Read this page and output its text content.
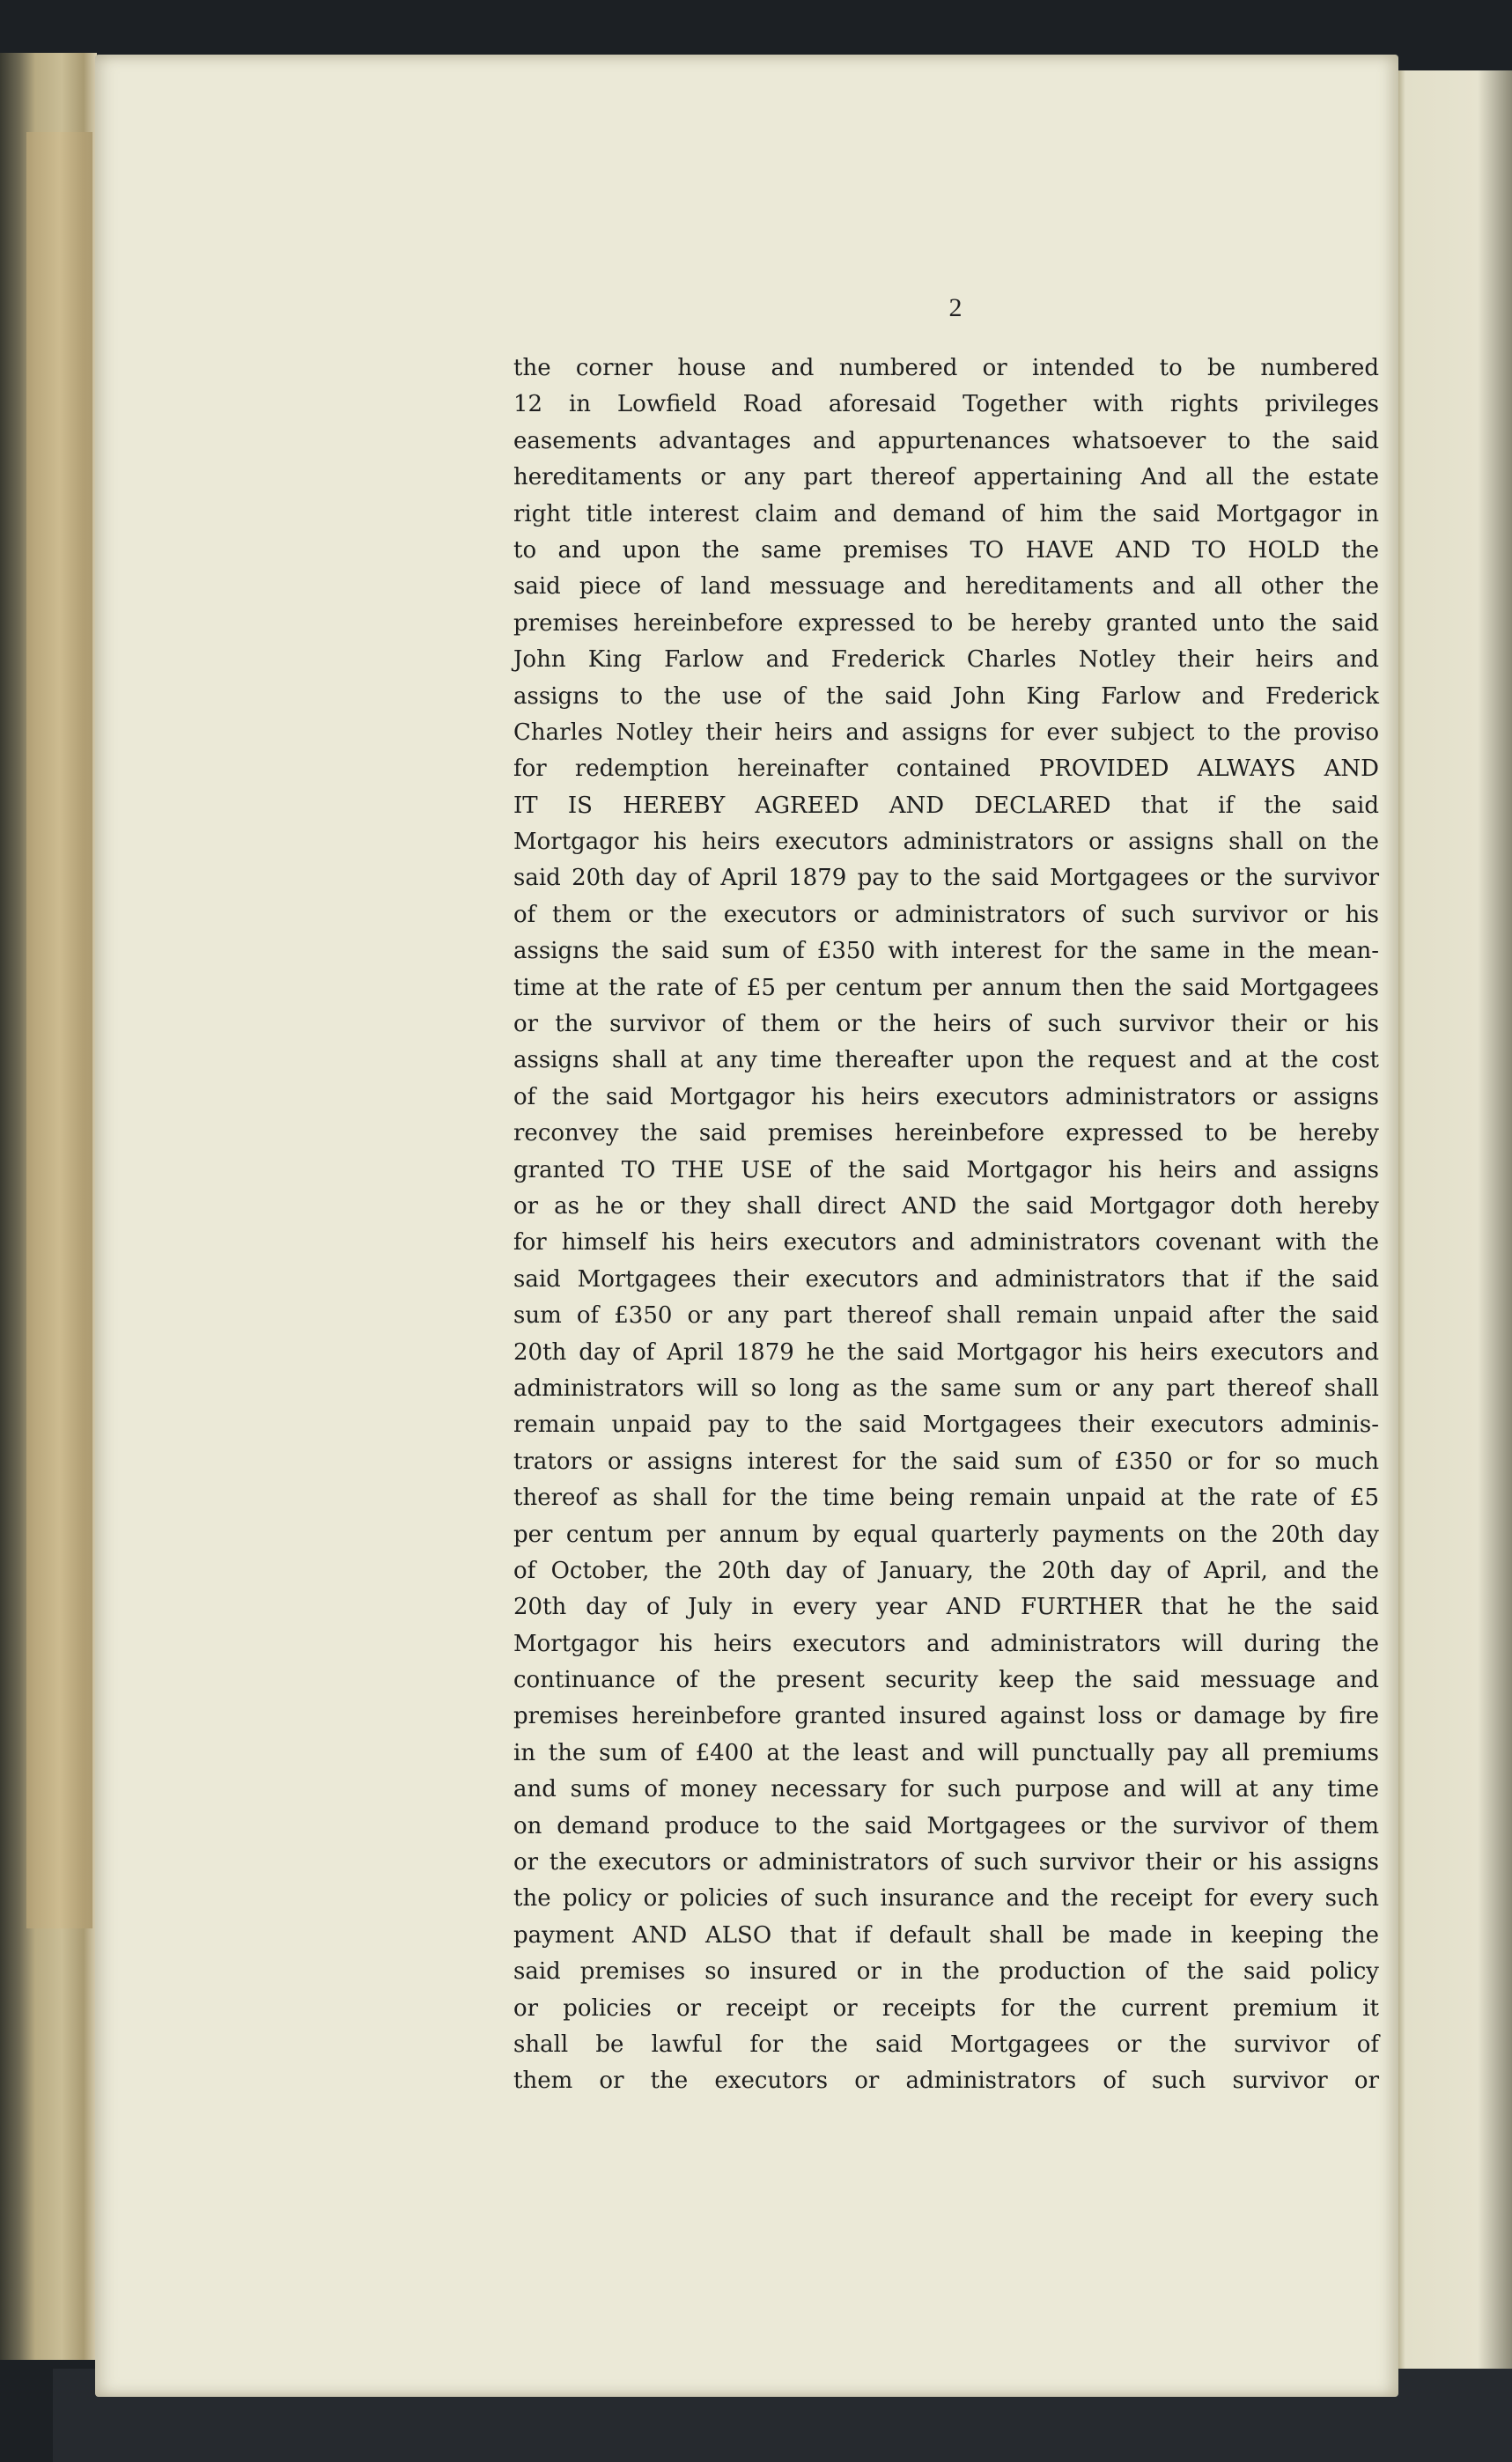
2
the corner house and numbered or intended to be numbered
12 in Lowfield Road aforesaid Together with rights privileges
easements advantages and appurtenances whatsoever to the said
hereditaments or any part thereof appertaining And all the estate
right title interest claim and demand of him the said Mortgagor in
to and upon the same premises TO HAVE AND TO HOLD the
said piece of land messuage and hereditaments and all other the
premises hereinbefore expressed to be hereby granted unto the said
John King Farlow and Frederick Charles Notley their heirs and
assigns to the use of the said John King Farlow and Frederick
Charles Notley their heirs and assigns for ever subject to the proviso
for redemption hereinafter contained PROVIDED ALWAYS AND
IT IS HEREBY AGREED AND DECLARED that if the said
Mortgagor his heirs executors administrators or assigns shall on the
said 20th day of April 1879 pay to the said Mortgagees or the survivor
of them or the executors or administrators of such survivor or his
assigns the said sum of £350 with interest for the same in the mean-
time at the rate of £5 per centum per annum then the said Mortgagees
or the survivor of them or the heirs of such survivor their or his
assigns shall at any time thereafter upon the request and at the cost
of the said Mortgagor his heirs executors administrators or assigns
reconvey the said premises hereinbefore expressed to be hereby
granted TO THE USE of the said Mortgagor his heirs and assigns
or as he or they shall direct AND the said Mortgagor doth hereby
for himself his heirs executors and administrators covenant with the
said Mortgagees their executors and administrators that if the said
sum of £350 or any part thereof shall remain unpaid after the said
20th day of April 1879 he the said Mortgagor his heirs executors and
administrators will so long as the same sum or any part thereof shall
remain unpaid pay to the said Mortgagees their executors adminis-
trators or assigns interest for the said sum of £350 or for so much
thereof as shall for the time being remain unpaid at the rate of £5
per centum per annum by equal quarterly payments on the 20th day
of October, the 20th day of January, the 20th day of April, and the
20th day of July in every year AND FURTHER that he the said
Mortgagor his heirs executors and administrators will during the
continuance of the present security keep the said messuage and
premises hereinbefore granted insured against loss or damage by fire
in the sum of £400 at the least and will punctually pay all premiums
and sums of money necessary for such purpose and will at any time
on demand produce to the said Mortgagees or the survivor of them
or the executors or administrators of such survivor their or his assigns
the policy or policies of such insurance and the receipt for every such
payment AND ALSO that if default shall be made in keeping the
said premises so insured or in the production of the said policy
or policies or receipt or receipts for the current premium it
shall be lawful for the said Mortgagees or the survivor of
them or the executors or administrators of such survivor or
